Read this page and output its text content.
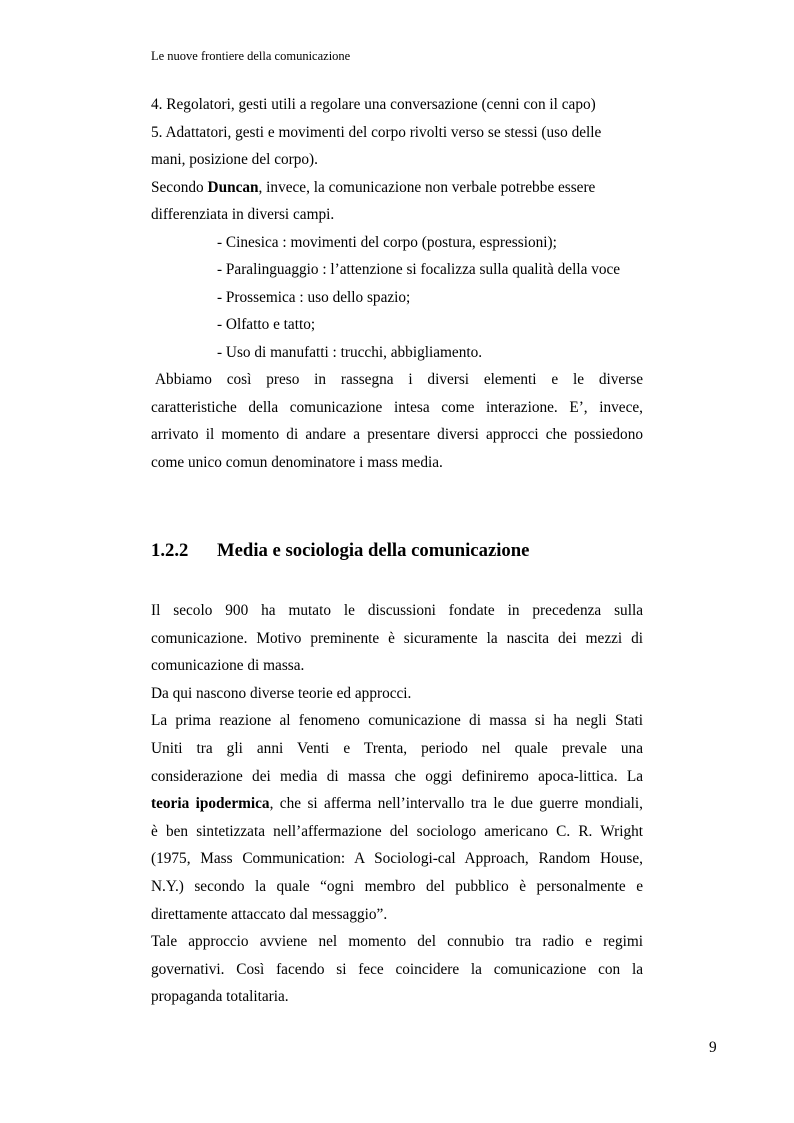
Le nuove frontiere della comunicazione
4. Regolatori, gesti utili a regolare una conversazione (cenni con il capo)
5. Adattatori, gesti e movimenti del corpo rivolti verso se stessi (uso delle
mani, posizione del corpo).
Secondo Duncan, invece, la comunicazione non verbale potrebbe essere
differenziata in diversi campi.
- Cinesica : movimenti del corpo (postura, espressioni);
- Paralinguaggio : l’attenzione si focalizza sulla qualità della voce
- Prossemica : uso dello spazio;
- Olfatto e tatto;
- Uso di manufatti : trucchi, abbigliamento.
Abbiamo così preso in rassegna i diversi elementi e le diverse
caratteristiche della comunicazione intesa come interazione. E’, invece,
arrivato il momento di andare a presentare diversi approcci che possiedono
come unico comun denominatore i mass media.
1.2.2 Media e sociologia della comunicazione
Il secolo 900 ha mutato le discussioni fondate in precedenza sulla
comunicazione. Motivo preminente è sicuramente la nascita dei mezzi di
comunicazione di massa.
Da qui nascono diverse teorie ed approcci.
La prima reazione al fenomeno comunicazione di massa si ha negli Stati
Uniti tra gli anni Venti e Trenta, periodo nel quale prevale una
considerazione dei media di massa che oggi definiremo apoca-littica. La
teoria ipodermica, che si afferma nell’intervallo tra le due guerre mondiali,
è ben sintetizzata nell’affermazione del sociologo americano C. R. Wright
(1975, Mass Communication: A Sociologi-cal Approach, Random House,
N.Y.) secondo la quale “ogni membro del pubblico è personalmente e
direttamente attaccato dal messaggio”.
Tale approccio avviene nel momento del connubio tra radio e regimi
governativi. Così facendo si fece coincidere la comunicazione con la
propaganda totalitaria.
9
